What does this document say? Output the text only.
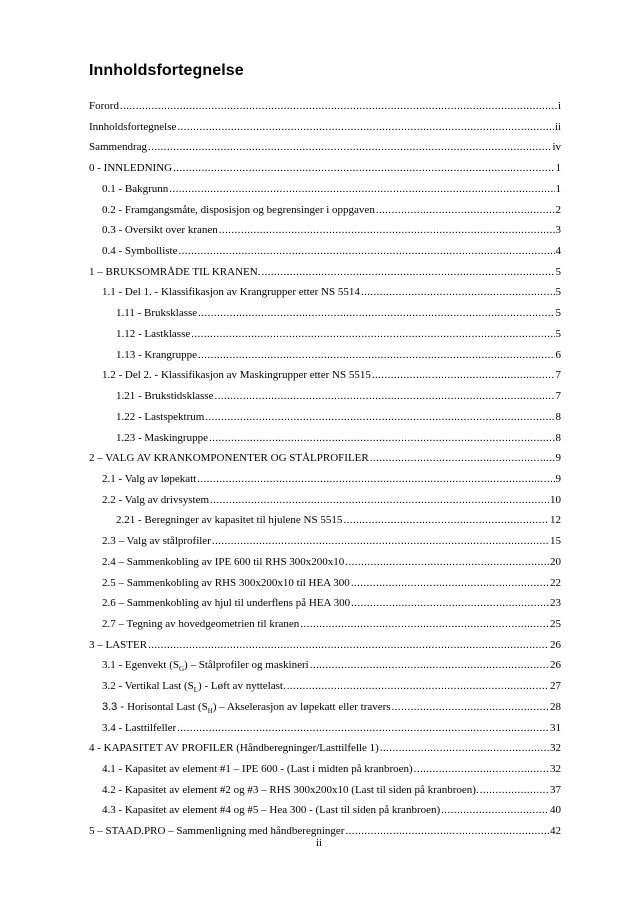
Innholdsfortegnelse
Forord .....	i
Innholdsfortegnelse .....	ii
Sammendrag .....	iv
0 - INNLEDNING .....	1
0.1 - Bakgrunn .....	1
0.2 - Framgangsmåte, disposisjon og begrensinger i oppgaven .....	2
0.3 - Oversikt over kranen .....	3
0.4 - Symbolliste .....	4
1 – BRUKSOMRÅDE TIL KRANEN. .....	5
1.1 - Del 1. - Klassifikasjon av Krangrupper etter NS 5514 .....	5
1.11 - Bruksklasse .....	5
1.12 - Lastklasse .....	5
1.13 - Krangruppe .....	6
1.2 - Del 2. - Klassifikasjon av Maskingrupper etter NS 5515 .....	7
1.21 - Brukstidsklasse .....	7
1.22 - Lastspektrum .....	8
1.23 - Maskingruppe .....	8
2 – VALG AV KRANKOMPONENTER OG STÅLPROFILER .....	9
2.1 - Valg av løpekatt .....	9
2.2 - Valg av drivsystem .....	10
2.21 - Beregninger av kapasitet til hjulene NS 5515 .....	12
2.3 – Valg av stålprofiler .....	15
2.4 – Sammenkobling av IPE 600 til RHS 300x200x10 .....	20
2.5 – Sammenkobling av RHS 300x200x10 til HEA 300 .....	22
2.6 – Sammenkobling av hjul til underflens på HEA 300 .....	23
2.7 – Tegning av hovedgeometrien til kranen .....	25
3 – LASTER .....	26
3.1 - Egenvekt $(S_G)$ – Stålprofiler og maskineri .....	26
3.2 - Vertikal Last $(S_L)$ - Løft av nyttelast. .....	27
3.3 - Horisontal Last $(S_H)$ – Akselerasjon av løpekatt eller travers .....	28
3.4 - Lasttilfeller .....	31
4 - KAPASITET AV PROFILER (Håndberegninger/Lasttilfelle 1) .....	32
4.1 - Kapasitet av element #1 – IPE 600 - (Last i midten på kranbroen) .....	32
4.2 - Kapasitet av element #2 og #3 – RHS 300x200x10 (Last til siden på kranbroen). .....	37
4.3 - Kapasitet av element #4 og #5 – Hea 300 - (Last til siden på kranbroen) .....	40
5 – STAAD.PRO – Sammenligning med håndberegninger .....	42
ii
